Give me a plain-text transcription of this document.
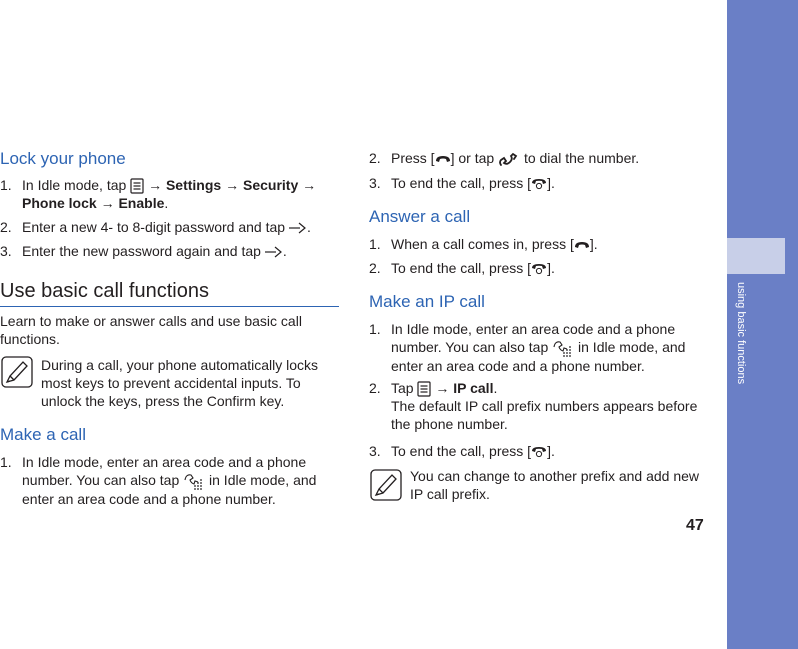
using basic functions
47
Lock your phone
1. In Idle mode, tap → Settings → Security →
Phone lock → Enable.
2. Enter a new 4- to 8-digit password and tap .
3. Enter the new password again and tap .
Use basic call functions
Learn to make or answer calls and use basic call
functions.
During a call, your phone automatically locks
most keys to prevent accidental inputs. To
unlock the keys, press the Confirm key.
Make a call
1. In Idle mode, enter an area code and a phone
number. You can also tap in Idle mode, and
enter an area code and a phone number.
2. Press [ ] or tap to dial the number.
3. To end the call, press [ ].
Answer a call
1. When a call comes in, press [ ].
2. To end the call, press [ ].
Make an IP call
1. In Idle mode, enter an area code and a phone
number. You can also tap in Idle mode, and
enter an area code and a phone number.
2. Tap → IP call.
The default IP call prefix numbers appears before
the phone number.
3. To end the call, press [ ].
You can change to another prefix and add new
IP call prefix.
